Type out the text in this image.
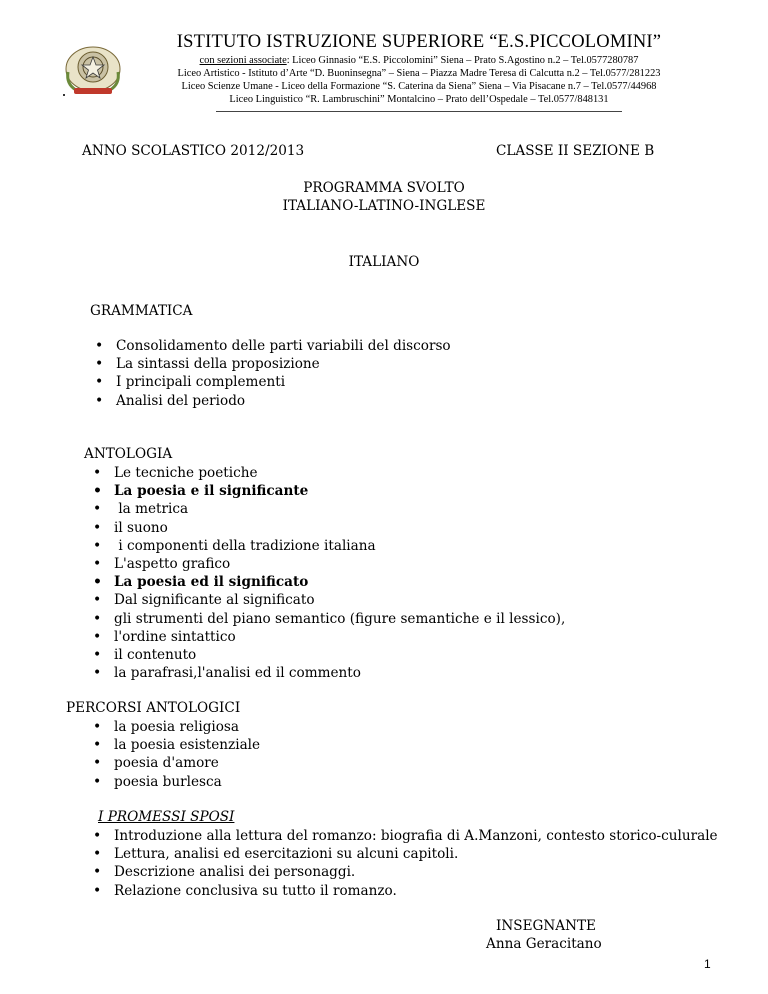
ISTITUTO ISTRUZIONE SUPERIORE “E.S.PICCOLOMINI”
con sezioni associate: Liceo Ginnasio “E.S. Piccolomini” Siena – Prato S.Agostino n.2 – Tel.0577280787
Liceo Artistico - Istituto d’Arte “D. Buoninsegna” – Siena – Piazza Madre Teresa di Calcutta n.2 – Tel.0577/281223
Liceo Scienze Umane - Liceo della Formazione “S. Caterina da Siena” Siena – Via Pisacane n.7 – Tel.0577/44968
Liceo Linguistico “R. Lambruschini” Montalcino – Prato dell’Ospedale – Tel.0577/848131
ANNO SCOLASTICO 2012/2013	CLASSE II SEZIONE B
PROGRAMMA SVOLTO
ITALIANO-LATINO-INGLESE
ITALIANO
GRAMMATICA
• Consolidamento delle parti variabili del discorso
• La sintassi della proposizione
• I principali complementi
• Analisi del periodo
ANTOLOGIA
• Le tecniche poetiche
• La poesia e il significante
•  la metrica
• il suono
•  i componenti della tradizione italiana
• L'aspetto grafico
• La poesia ed il significato
• Dal significante al significato
• gli strumenti del piano semantico (figure semantiche e il lessico),
• l'ordine sintattico
• il contenuto
• la parafrasi,l'analisi ed il commento
PERCORSI ANTOLOGICI
• la poesia religiosa
• la poesia esistenziale
• poesia d'amore
• poesia burlesca
I PROMESSI SPOSI
• Introduzione alla lettura del romanzo: biografia di A.Manzoni, contesto storico-culurale
• Lettura, analisi ed esercitazioni su alcuni capitoli.
• Descrizione analisi dei personaggi.
• Relazione conclusiva su tutto il romanzo.
INSEGNANTE
Anna Geracitano
1
